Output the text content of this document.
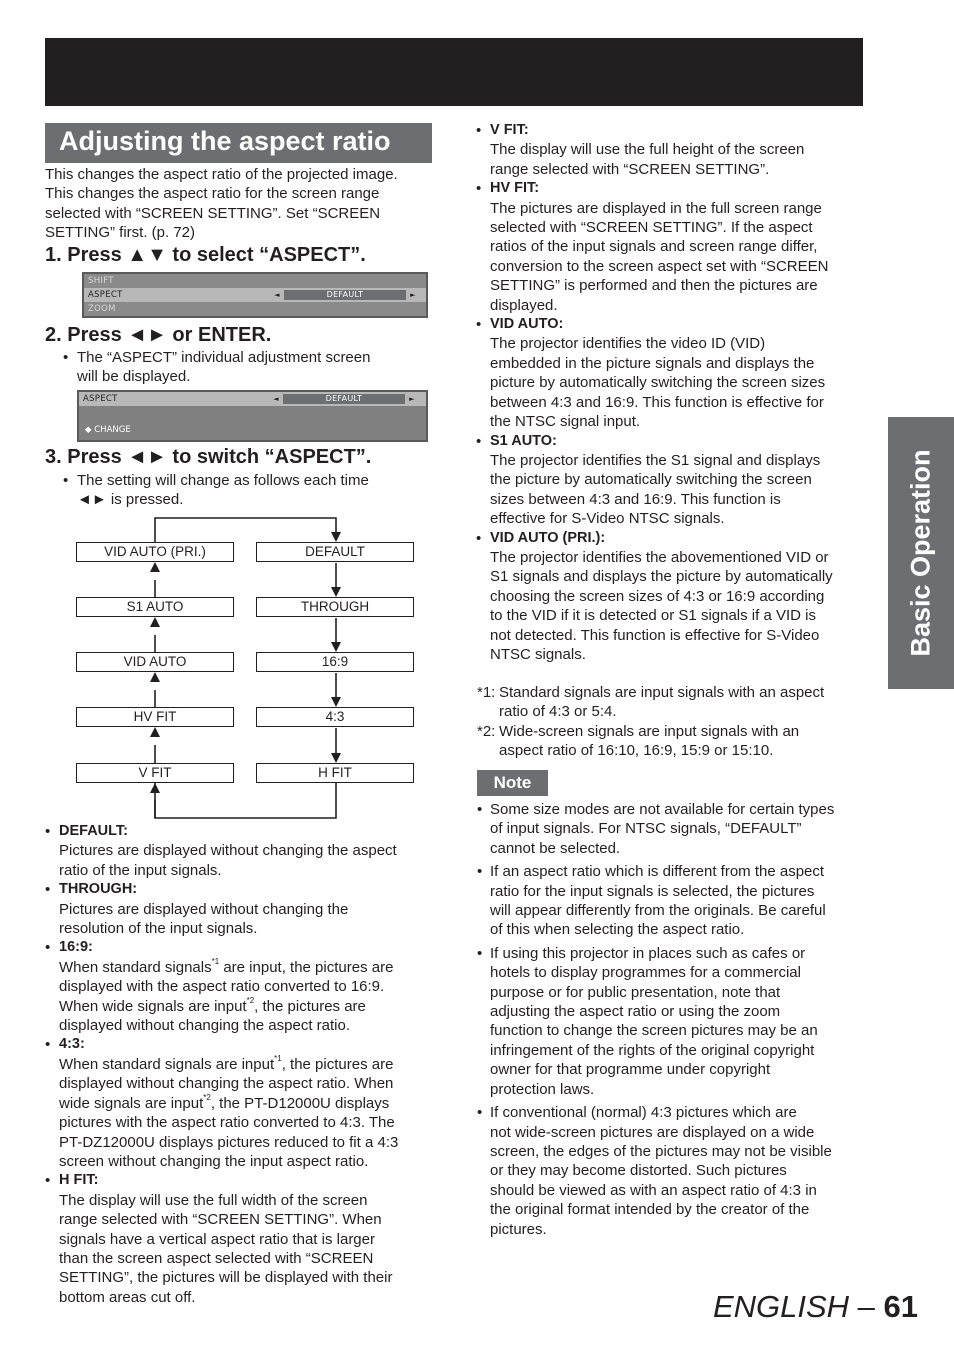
Adjusting the aspect ratio
This changes the aspect ratio of the projected image.
This changes the aspect ratio for the screen range
selected with “SCREEN SETTING”. Set “SCREEN
SETTING” first. (p. 72)
1. Press ▲▼ to select “ASPECT”.
SHIFT
ASPECT	◄	DEFAULT	►
ZOOM
2. Press ◄► or ENTER.
• The “ASPECT” individual adjustment screen
will be displayed.
ASPECT	◄	DEFAULT	►
◆ CHANGE
3. Press ◄► to switch “ASPECT”.
• The setting will change as follows each time
◄► is pressed.
VID AUTO (PRI.)
S1 AUTO
VID AUTO
HV FIT
V FIT
DEFAULT
THROUGH
16:9
4:3
H FIT
• DEFAULT:
Pictures are displayed without changing the aspect
ratio of the input signals.
• THROUGH:
Pictures are displayed without changing the
resolution of the input signals.
• 16:9:
When standard signals$^{*1}$ are input, the pictures are
displayed with the aspect ratio converted to 16:9.
When wide signals are input$^{*2}$, the pictures are
displayed without changing the aspect ratio.
• 4:3:
When standard signals are input$^{*1}$, the pictures are
displayed without changing the aspect ratio. When
wide signals are input$^{*2}$, the PT-D12000U displays
pictures with the aspect ratio converted to 4:3. The
PT-DZ12000U displays pictures reduced to fit a 4:3
screen without changing the input aspect ratio.
• H FIT:
The display will use the full width of the screen
range selected with “SCREEN SETTING”. When
signals have a vertical aspect ratio that is larger
than the screen aspect selected with “SCREEN
SETTING”, the pictures will be displayed with their
bottom areas cut off.
• V FIT:
The display will use the full height of the screen
range selected with “SCREEN SETTING”.
• HV FIT:
The pictures are displayed in the full screen range
selected with “SCREEN SETTING”. If the aspect
ratios of the input signals and screen range differ,
conversion to the screen aspect set with “SCREEN
SETTING” is performed and then the pictures are
displayed.
• VID AUTO:
The projector identifies the video ID (VID)
embedded in the picture signals and displays the
picture by automatically switching the screen sizes
between 4:3 and 16:9. This function is effective for
the NTSC signal input.
• S1 AUTO:
The projector identifies the S1 signal and displays
the picture by automatically switching the screen
sizes between 4:3 and 16:9. This function is
effective for S-Video NTSC signals.
• VID AUTO (PRI.):
The projector identifies the abovementioned VID or
S1 signals and displays the picture by automatically
choosing the screen sizes of 4:3 or 16:9 according
to the VID if it is detected or S1 signals if a VID is
not detected. This function is effective for S-Video
NTSC signals.
*1: Standard signals are input signals with an aspect
ratio of 4:3 or 5:4.
*2: Wide-screen signals are input signals with an
aspect ratio of 16:10, 16:9, 15:9 or 15:10.
Note
• Some size modes are not available for certain types
of input signals. For NTSC signals, “DEFAULT”
cannot be selected.
• If an aspect ratio which is different from the aspect
ratio for the input signals is selected, the pictures
will appear differently from the originals. Be careful
of this when selecting the aspect ratio.
• If using this projector in places such as cafes or
hotels to display programmes for a commercial
purpose or for public presentation, note that
adjusting the aspect ratio or using the zoom
function to change the screen pictures may be an
infringement of the rights of the original copyright
owner for that programme under copyright
protection laws.
• If conventional (normal) 4:3 pictures which are
not wide-screen pictures are displayed on a wide
screen, the edges of the pictures may not be visible
or they may become distorted. Such pictures
should be viewed as with an aspect ratio of 4:3 in
the original format intended by the creator of the
pictures.
Basic Operation
ENGLISH – 61
